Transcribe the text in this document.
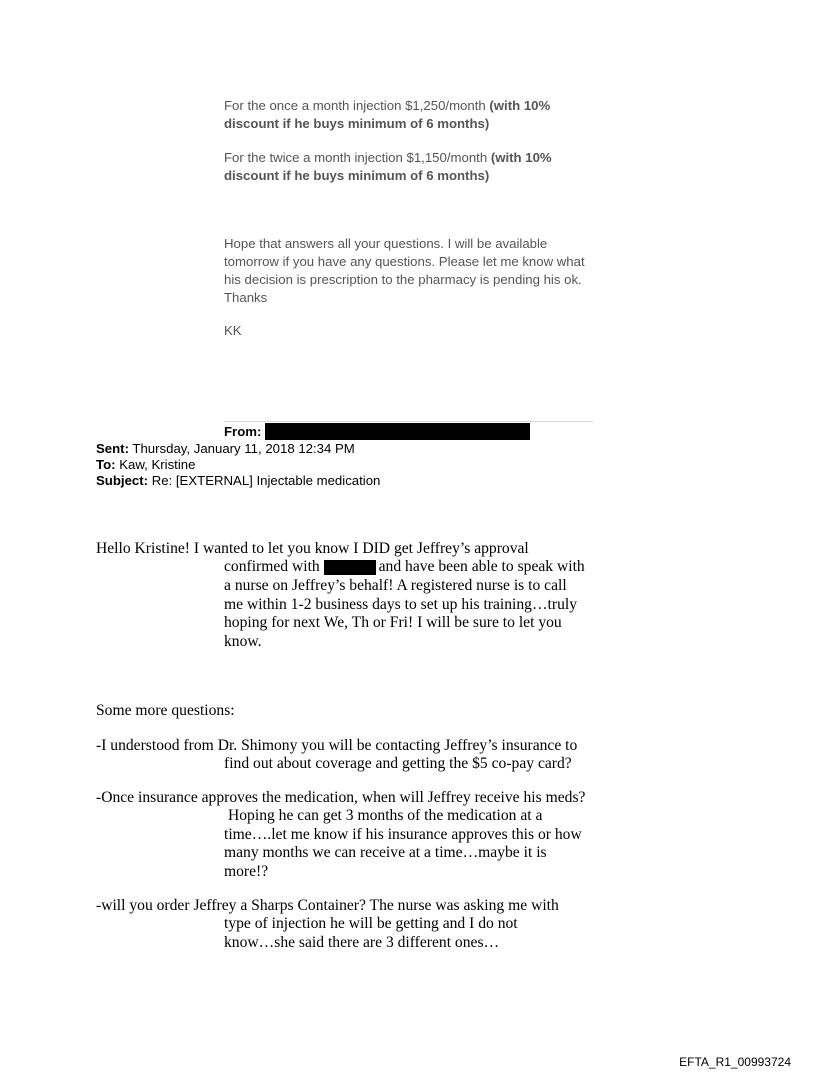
For the once a month injection $1,250/month (with 10% discount if he buys minimum of 6 months)
For the twice a month injection $1,150/month (with 10% discount if he buys minimum of 6 months)
Hope that answers all your questions. I will be available tomorrow if you have any questions. Please let me know what his decision is prescription to the pharmacy is pending his ok. Thanks
KK
From:
Sent: Thursday, January 11, 2018 12:34 PM
To: Kaw, Kristine
Subject: Re: [EXTERNAL] Injectable medication
Hello Kristine! I wanted to let you know I DID get Jeffrey’s approval
confirmed with	and have been able to speak with
a nurse on Jeffrey’s behalf! A registered nurse is to call me within 1-2 business days to set up his training…truly hoping for next We, Th or Fri! I will be sure to let you know.
Some more questions:
-I understood from Dr. Shimony you will be contacting Jeffrey’s insurance to
find out about coverage and getting the $5 co-pay card?
-Once insurance approves the medication, when will Jeffrey receive his meds?
Hoping he can get 3 months of the medication at a time….let me know if his insurance approves this or how many months we can receive at a time…maybe it is more!?
-will you order Jeffrey a Sharps Container? The nurse was asking me with
type of injection he will be getting and I do not know…she said there are 3 different ones…
EFTA_R1_00993724
